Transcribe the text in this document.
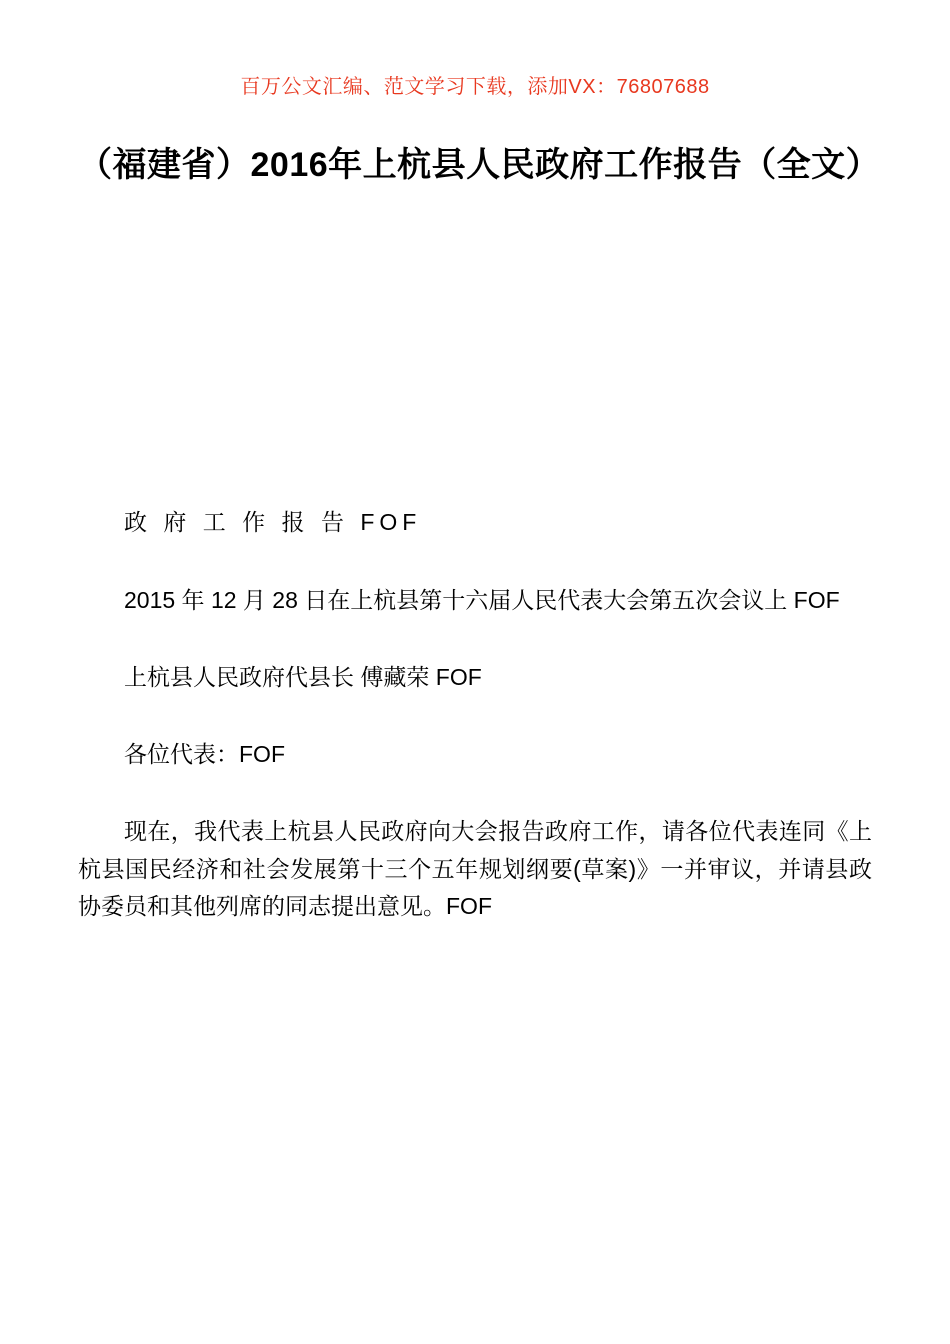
百万公文汇编、范文学习下载，添加VX：76807688
（福建省）2016年上杭县人民政府工作报告（全文）

政 府 工 作 报 告 FOF

2015 年 12 月 28 日在上杭县第十六届人民代表大会第五次会议上 FOF

上杭县人民政府代县长 傅藏荣 FOF

各位代表：FOF

现在，我代表上杭县人民政府向大会报告政府工作，请各位代表连同《上杭县国民经济和社会发展第十三个五年规划纲要(草案)》一并审议，并请县政协委员和其他列席的同志提出意见。FOF
